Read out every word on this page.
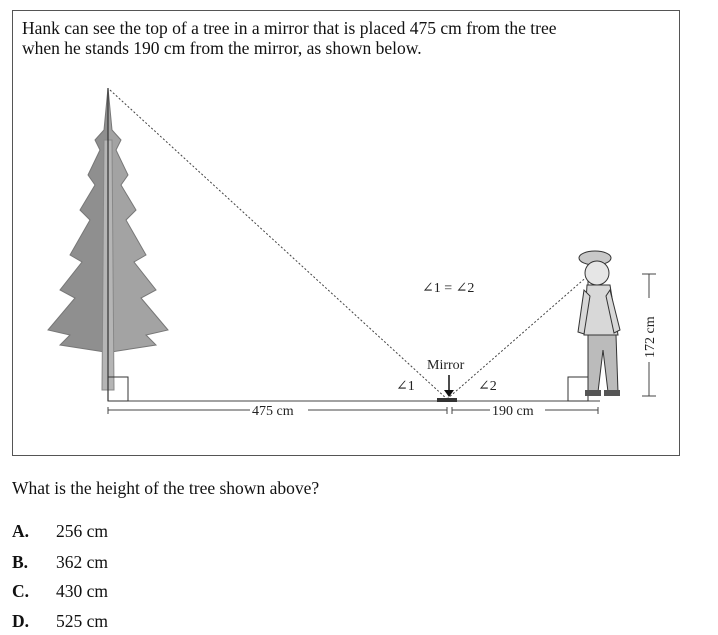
Hank can see the top of a tree in a mirror that is placed 475 cm from the tree
when he stands 190 cm from the mirror, as shown below.
∠1 = ∠2
Mirror
∠1	∠2
475 cm	190 cm
172 cm
What is the height of the tree shown above?
A. 256 cm
B. 362 cm
C. 430 cm
D. 525 cm
